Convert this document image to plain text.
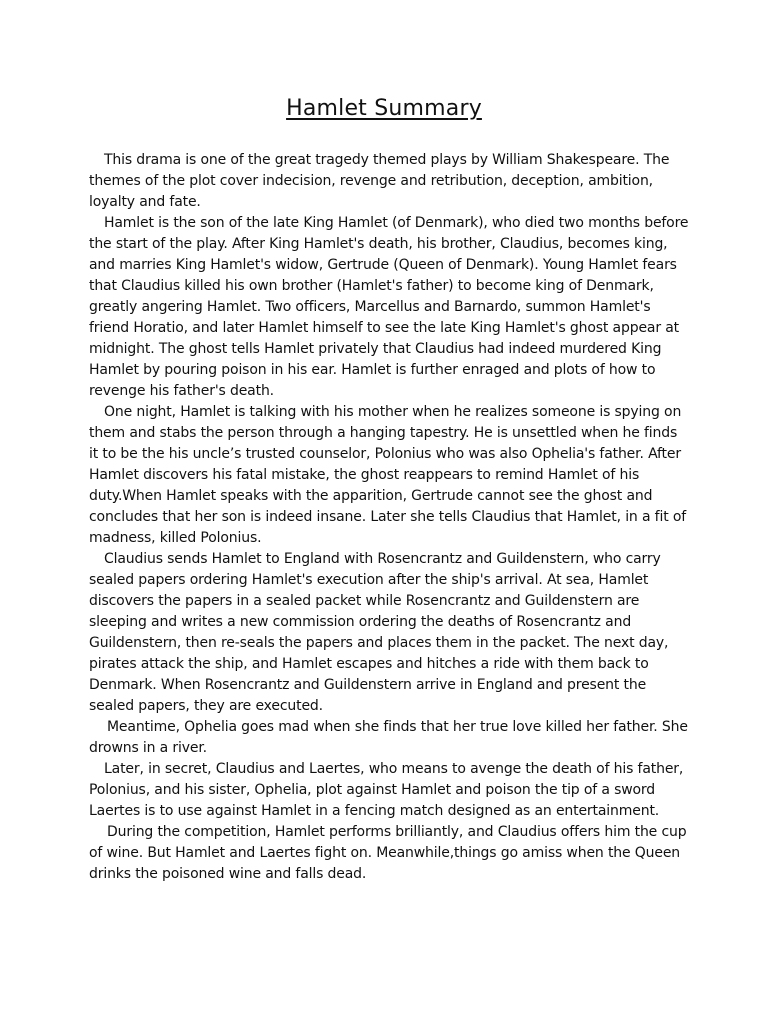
Hamlet Summary

This drama is one of the great tragedy themed plays by William Shakespeare. The themes of the plot cover indecision, revenge and retribution, deception, ambition, loyalty and fate.

Hamlet is the son of the late King Hamlet (of Denmark), who died two months before the start of the play. After King Hamlet's death, his brother, Claudius, becomes king, and marries King Hamlet's widow, Gertrude (Queen of Denmark). Young Hamlet fears that Claudius killed his own brother (Hamlet's father) to become king of Denmark, greatly angering Hamlet. Two officers, Marcellus and Barnardo, summon Hamlet's friend Horatio, and later Hamlet himself to see the late King Hamlet's ghost appear at midnight. The ghost tells Hamlet privately that Claudius had indeed murdered King Hamlet by pouring poison in his ear. Hamlet is further enraged and plots of how to revenge his father's death.

One night, Hamlet is talking with his mother when he realizes someone is spying on them and stabs the person through a hanging tapestry. He is unsettled when he finds it to be the his uncle’s trusted counselor, Polonius who was also Ophelia's father. After Hamlet discovers his fatal mistake, the ghost reappears to remind Hamlet of his duty.When Hamlet speaks with the apparition, Gertrude cannot see the ghost and concludes that her son is indeed insane. Later she tells Claudius that Hamlet, in a fit of madness, killed Polonius.

Claudius sends Hamlet to England with Rosencrantz and Guildenstern, who carry sealed papers ordering Hamlet's execution after the ship's arrival. At sea, Hamlet discovers the papers in a sealed packet while Rosencrantz and Guildenstern are sleeping and writes a new commission ordering the deaths of Rosencrantz and Guildenstern, then re-seals the papers and places them in the packet. The next day, pirates attack the ship, and Hamlet escapes and hitches a ride with them back to Denmark. When Rosencrantz and Guildenstern arrive in England and present the sealed papers, they are executed.

Meantime, Ophelia goes mad when she finds that her true love killed her father. She drowns in a river.

Later, in secret, Claudius and Laertes, who means to avenge the death of his father, Polonius, and his sister, Ophelia, plot against Hamlet and poison the tip of a sword Laertes is to use against Hamlet in a fencing match designed as an entertainment.

During the competition, Hamlet performs brilliantly, and Claudius offers him the cup of wine. But Hamlet and Laertes fight on. Meanwhile,things go amiss when the Queen drinks the poisoned wine and falls dead.
